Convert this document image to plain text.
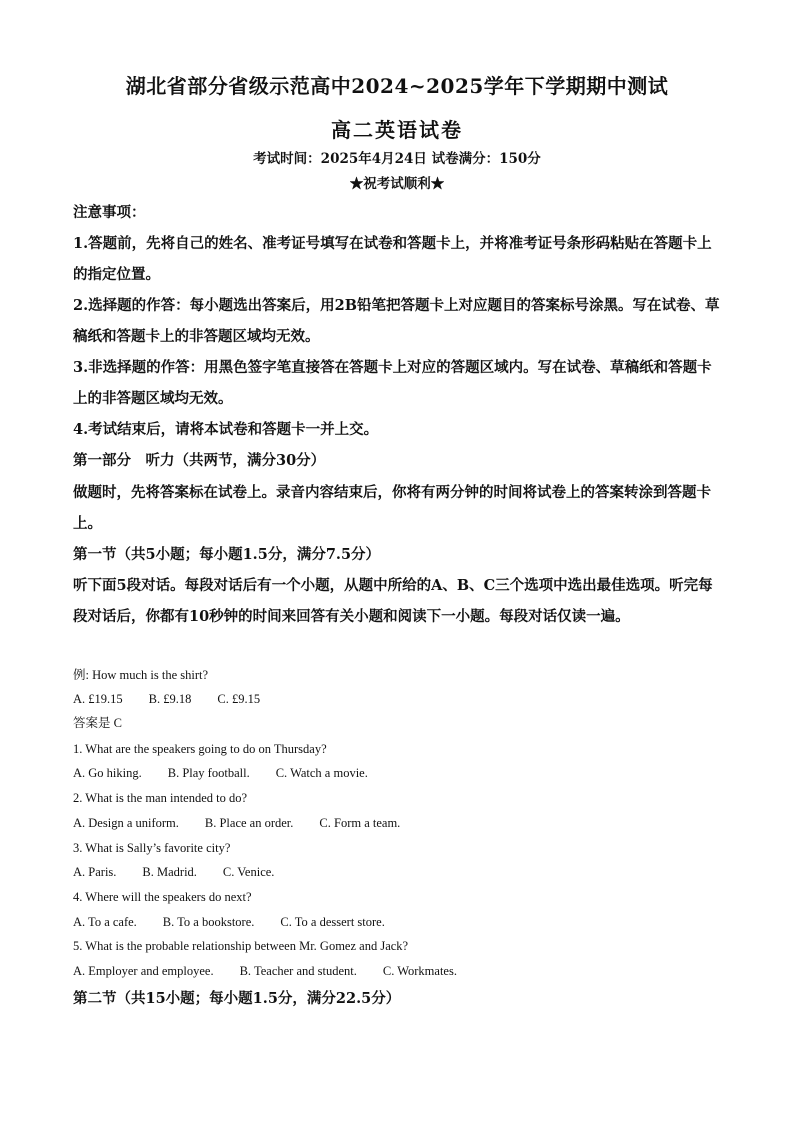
湖北省部分省级示范高中2024~2025学年下学期期中测试
高二英语试卷
考试时间：2025年4月24日 试卷满分：150分
★祝考试顺利★

注意事项：

1.答题前，先将自己的姓名、准考证号填写在试卷和答题卡上，并将准考证号条形码粘贴在答题卡上的指定位置。

2.选择题的作答：每小题选出答案后，用2B铅笔把答题卡上对应题目的答案标号涂黑。写在试卷、草稿纸和答题卡上的非答题区域均无效。

3.非选择题的作答：用黑色签字笔直接答在答题卡上对应的答题区域内。写在试卷、草稿纸和答题卡上的非答题区域均无效。

4.考试结束后，请将本试卷和答题卡一并上交。

第一部分　听力（共两节，满分30分）

做题时，先将答案标在试卷上。录音内容结束后，你将有两分钟的时间将试卷上的答案转涂到答题卡上。

第一节（共5小题；每小题1.5分，满分7.5分）

听下面5段对话。每段对话后有一个小题，从题中所给的A、B、C三个选项中选出最佳选项。听完每段对话后，你都有10秒钟的时间来回答有关小题和阅读下一小题。每段对话仅读一遍。

例: How much is the shirt?

A. £19.15 B. £9.18 C. £9.15

答案是 C

1. What are the speakers going to do on Thursday?

A. Go hiking. B. Play football. C. Watch a movie.

2. What is the man intended to do?

A. Design a uniform. B. Place an order. C. Form a team.

3. What is Sally’s favorite city?

A. Paris. B. Madrid. C. Venice.

4. Where will the speakers do next?

A. To a cafe. B. To a bookstore. C. To a dessert store.

5. What is the probable relationship between Mr. Gomez and Jack?

A. Employer and employee. B. Teacher and student. C. Workmates.

第二节（共15小题；每小题1.5分，满分22.5分）
